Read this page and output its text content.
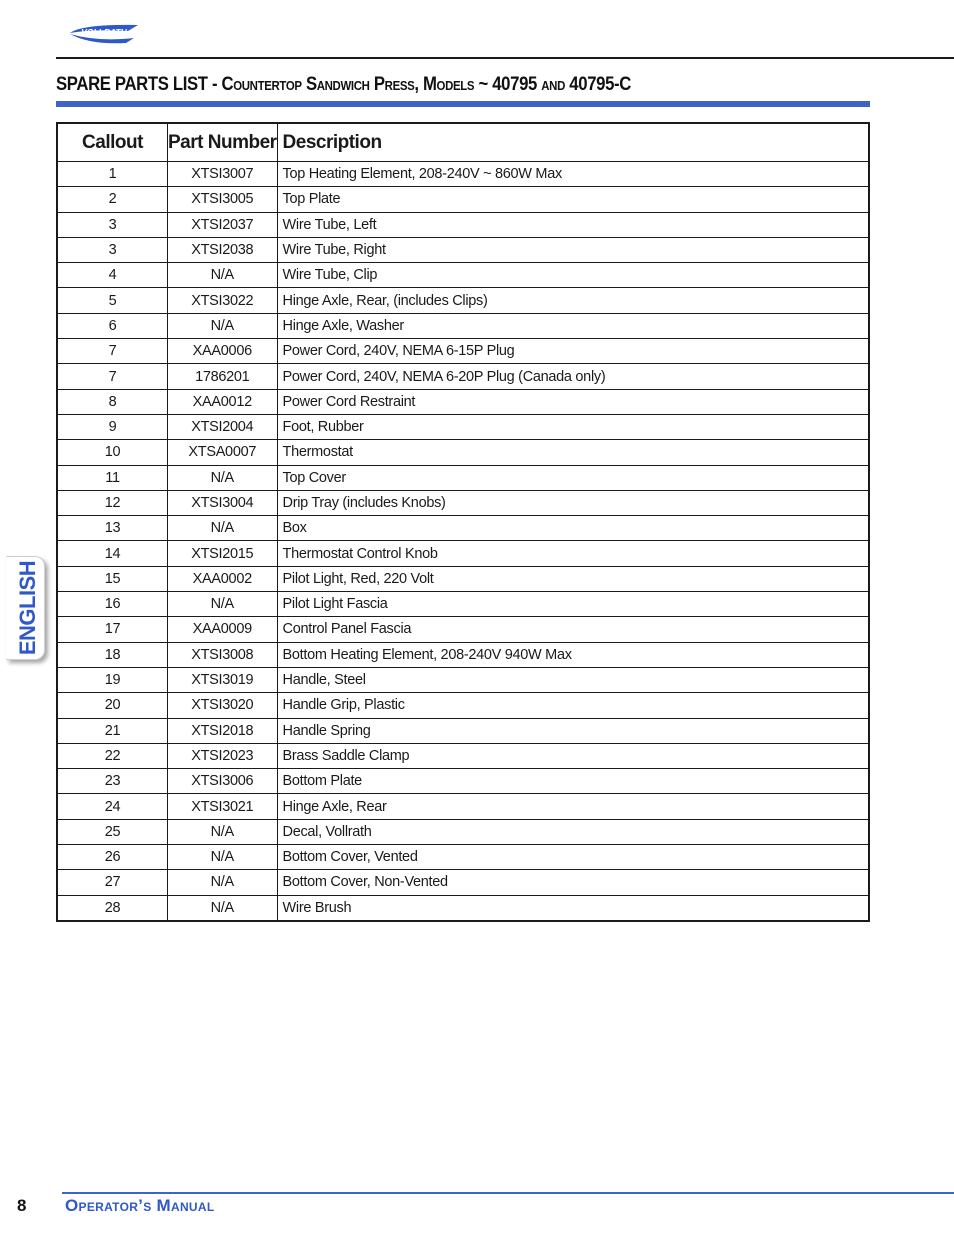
VOLLRATH
SPARE PARTS LIST - Countertop Sandwich Press, Models ~ 40795 and 40795-C
Callout	Part Number	Description
1	XTSI3007	Top Heating Element, 208-240V ~ 860W Max
2	XTSI3005	Top Plate
3	XTSI2037	Wire Tube, Left
3	XTSI2038	Wire Tube, Right
4	N/A	Wire Tube, Clip
5	XTSI3022	Hinge Axle, Rear, (includes Clips)
6	N/A	Hinge Axle, Washer
7	XAA0006	Power Cord, 240V, NEMA 6-15P Plug
7	1786201	Power Cord, 240V, NEMA 6-20P Plug (Canada only)
8	XAA0012	Power Cord Restraint
9	XTSI2004	Foot, Rubber
10	XTSA0007	Thermostat
11	N/A	Top Cover
12	XTSI3004	Drip Tray (includes Knobs)
13	N/A	Box
14	XTSI2015	Thermostat Control Knob
15	XAA0002	Pilot Light, Red, 220 Volt
16	N/A	Pilot Light Fascia
17	XAA0009	Control Panel Fascia
18	XTSI3008	Bottom Heating Element, 208-240V 940W Max
19	XTSI3019	Handle, Steel
20	XTSI3020	Handle Grip, Plastic
21	XTSI2018	Handle Spring
22	XTSI2023	Brass Saddle Clamp
23	XTSI3006	Bottom Plate
24	XTSI3021	Hinge Axle, Rear
25	N/A	Decal, Vollrath
26	N/A	Bottom Cover, Vented
27	N/A	Bottom Cover, Non-Vented
28	N/A	Wire Brush
ENGLISH
8 Operator’s Manual
